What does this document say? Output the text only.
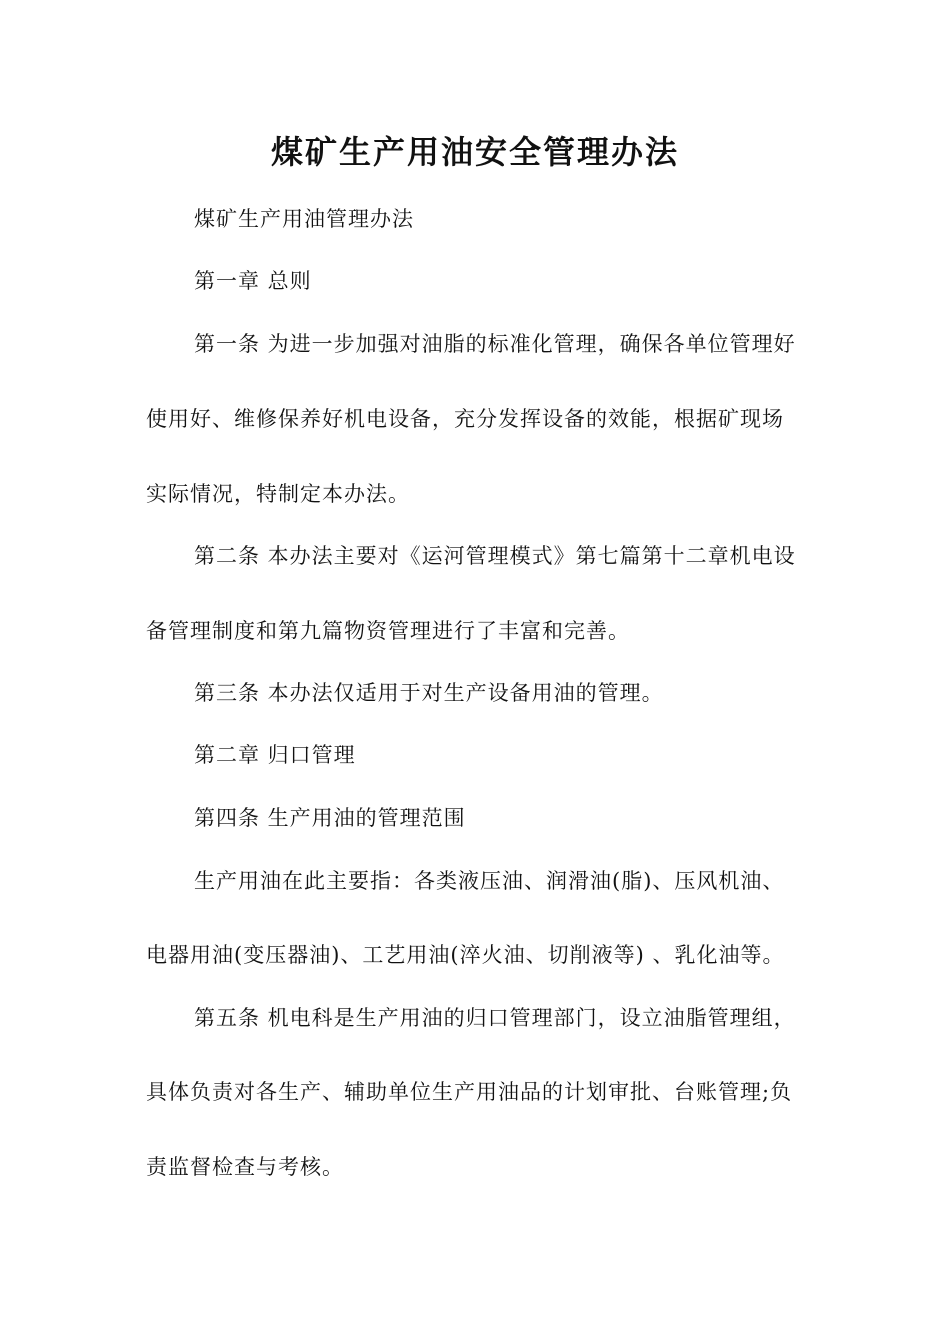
煤矿生产用油安全管理办法
煤矿生产用油管理办法
第一章 总则
第一条 为进一步加强对油脂的标准化管理，确保各单位管理好
使用好、维修保养好机电设备，充分发挥设备的效能，根据矿现场
实际情况，特制定本办法。
第二条 本办法主要对《运河管理模式》第七篇第十二章机电设
备管理制度和第九篇物资管理进行了丰富和完善。
第三条 本办法仅适用于对生产设备用油的管理。
第二章 归口管理
第四条 生产用油的管理范围
生产用油在此主要指：各类液压油、润滑油(脂)、压风机油、
电器用油(变压器油)、工艺用油(淬火油、切削液等) 、乳化油等。
第五条 机电科是生产用油的归口管理部门，设立油脂管理组，
具体负责对各生产、辅助单位生产用油品的计划审批、台账管理;负
责监督检查与考核。
